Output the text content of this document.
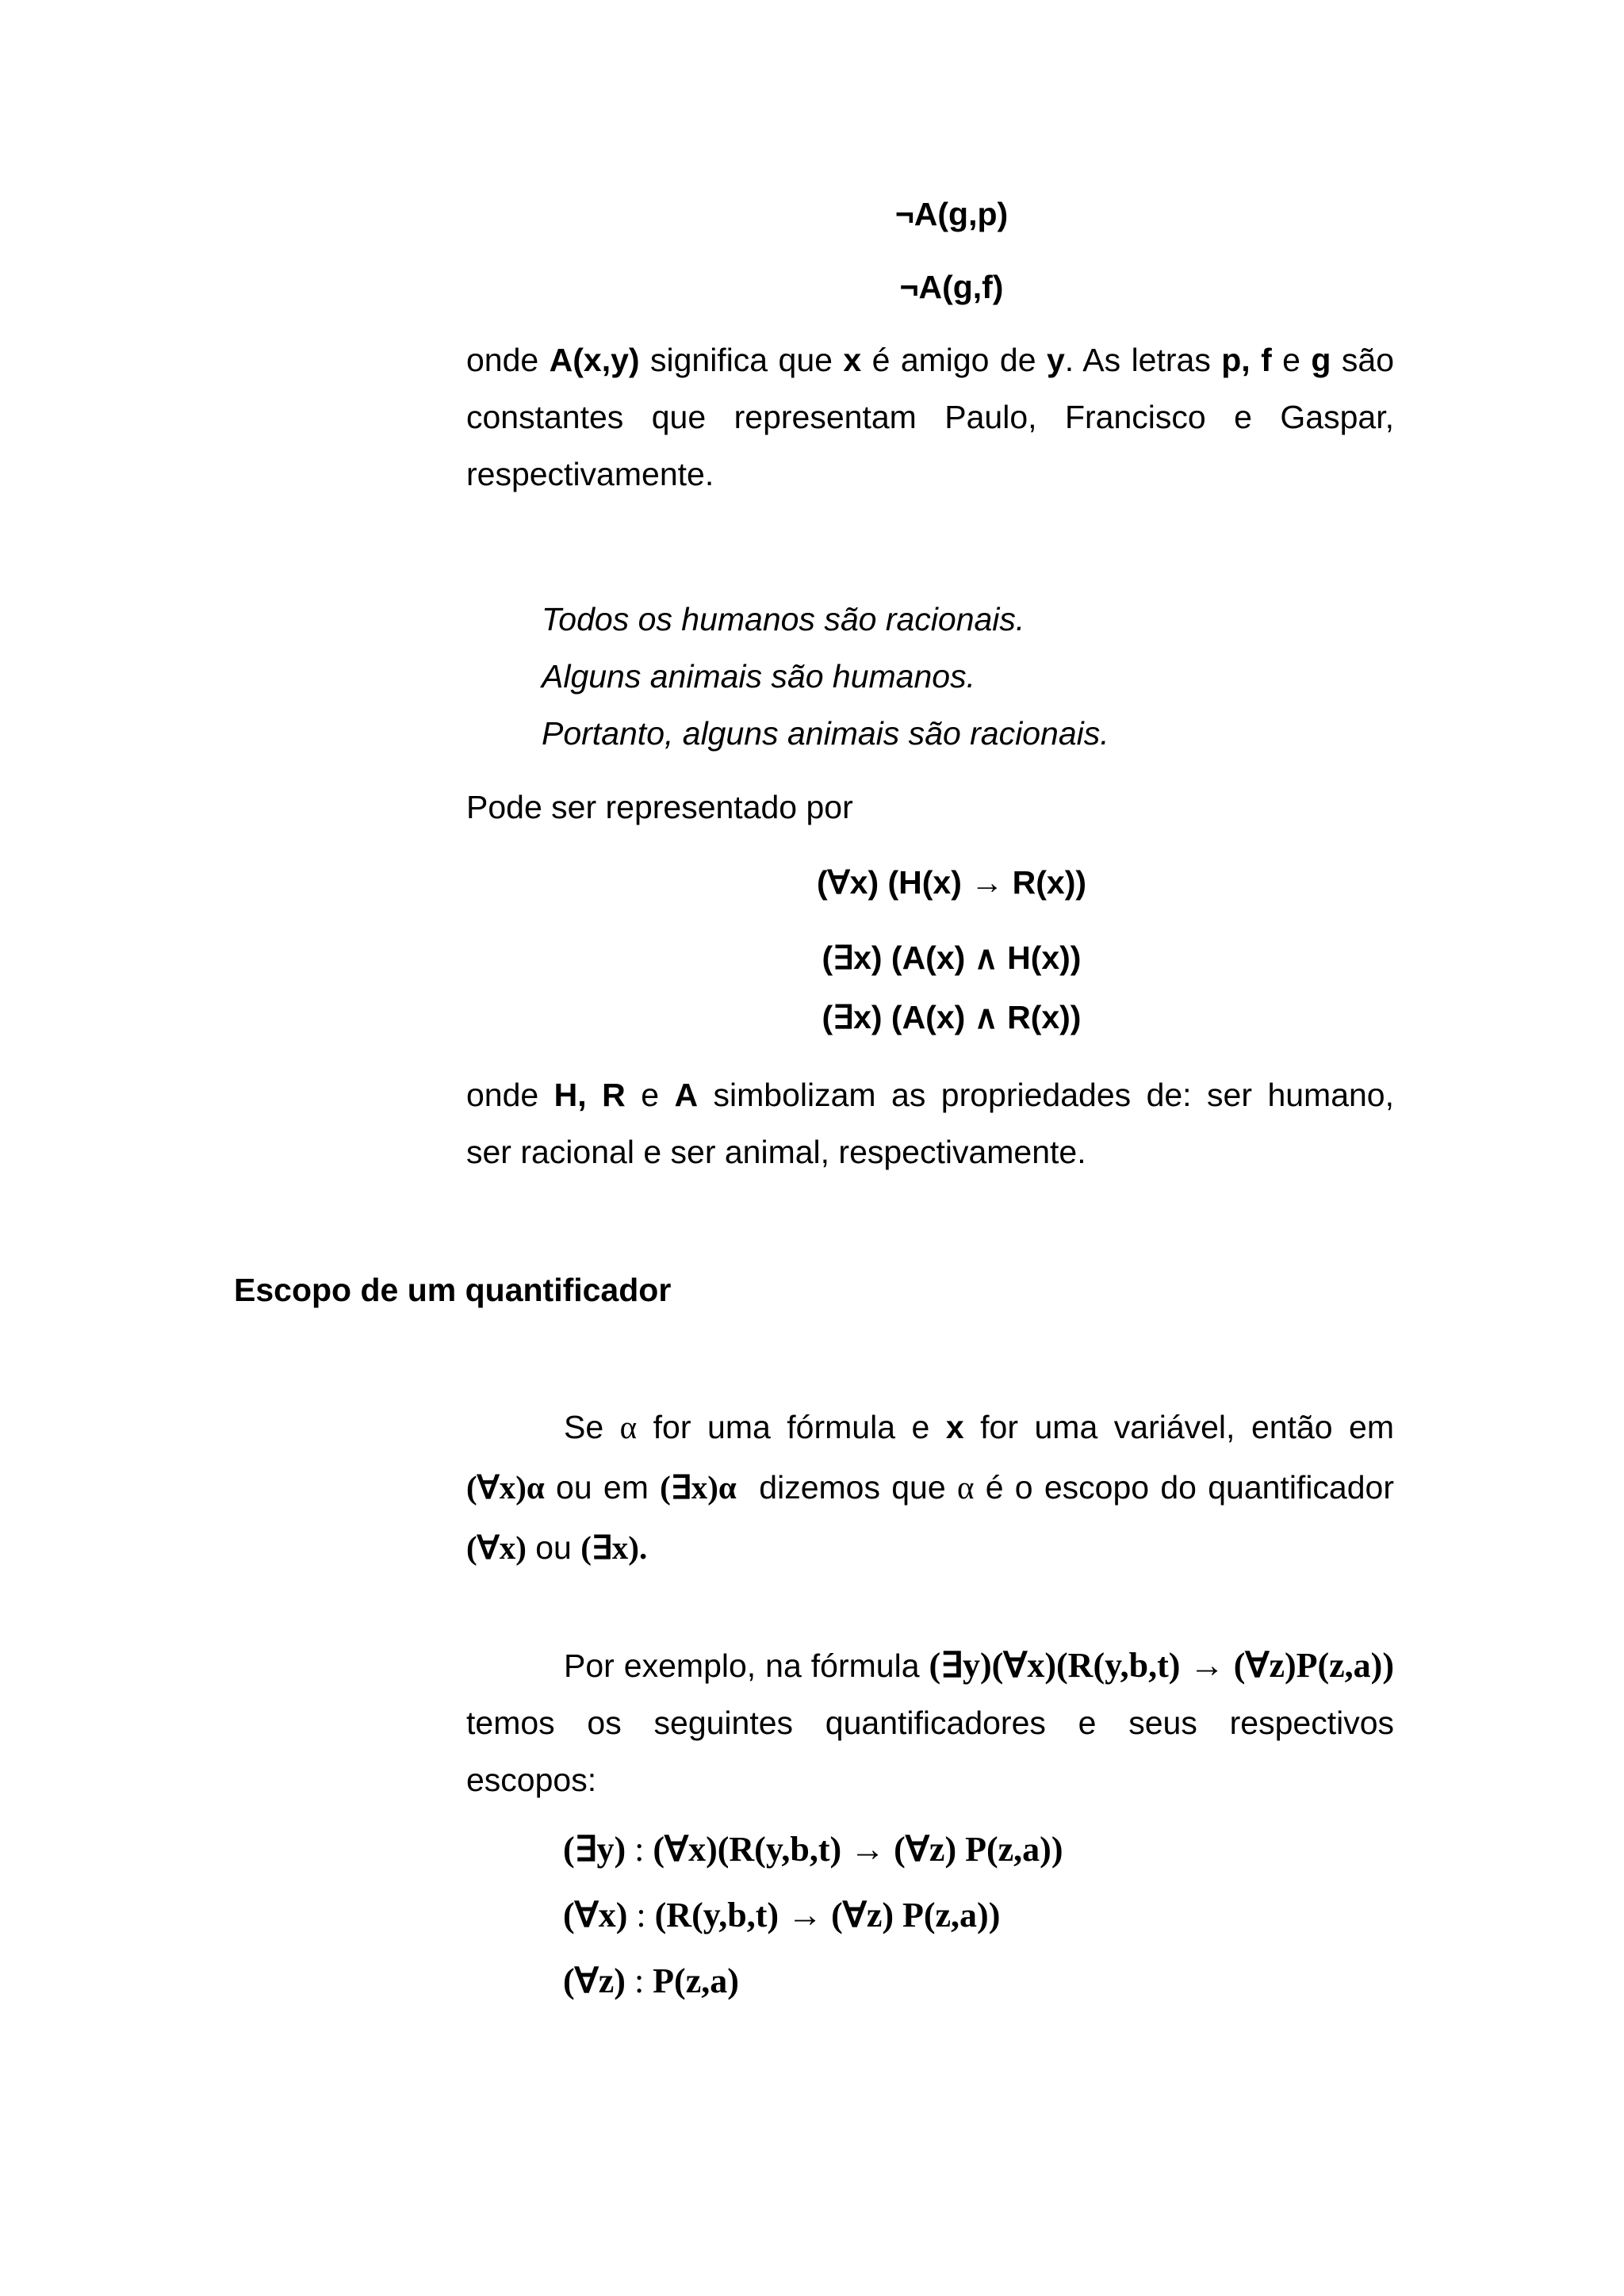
¬A(g,p)
¬A(g,f)
onde A(x,y) significa que x é amigo de y. As letras p, f e g são
constantes que representam Paulo, Francisco e Gaspar,
respectivamente.
Todos os humanos são racionais.
Alguns animais são humanos.
Portanto, alguns animais são racionais.
Pode ser representado por
(∀x) (H(x) → R(x))
(∃x) (A(x) ∧ H(x))
(∃x) (A(x) ∧ R(x))
onde H, R e A simbolizam as propriedades de: ser humano,
ser racional e ser animal, respectivamente.
Escopo de um quantificador
Se α for uma fórmula e x for uma variável, então em
(∀x)α ou em (∃x)α  dizemos que α é o escopo do quantificador
(∀x) ou (∃x).
Por exemplo, na fórmula (∃y)(∀x)(R(y,b,t) → (∀z)P(z,a))
temos os seguintes quantificadores e seus respectivos
escopos:
(∃y) : (∀x)(R(y,b,t) → (∀z) P(z,a))
(∀x) : (R(y,b,t) → (∀z) P(z,a))
(∀z) : P(z,a)
